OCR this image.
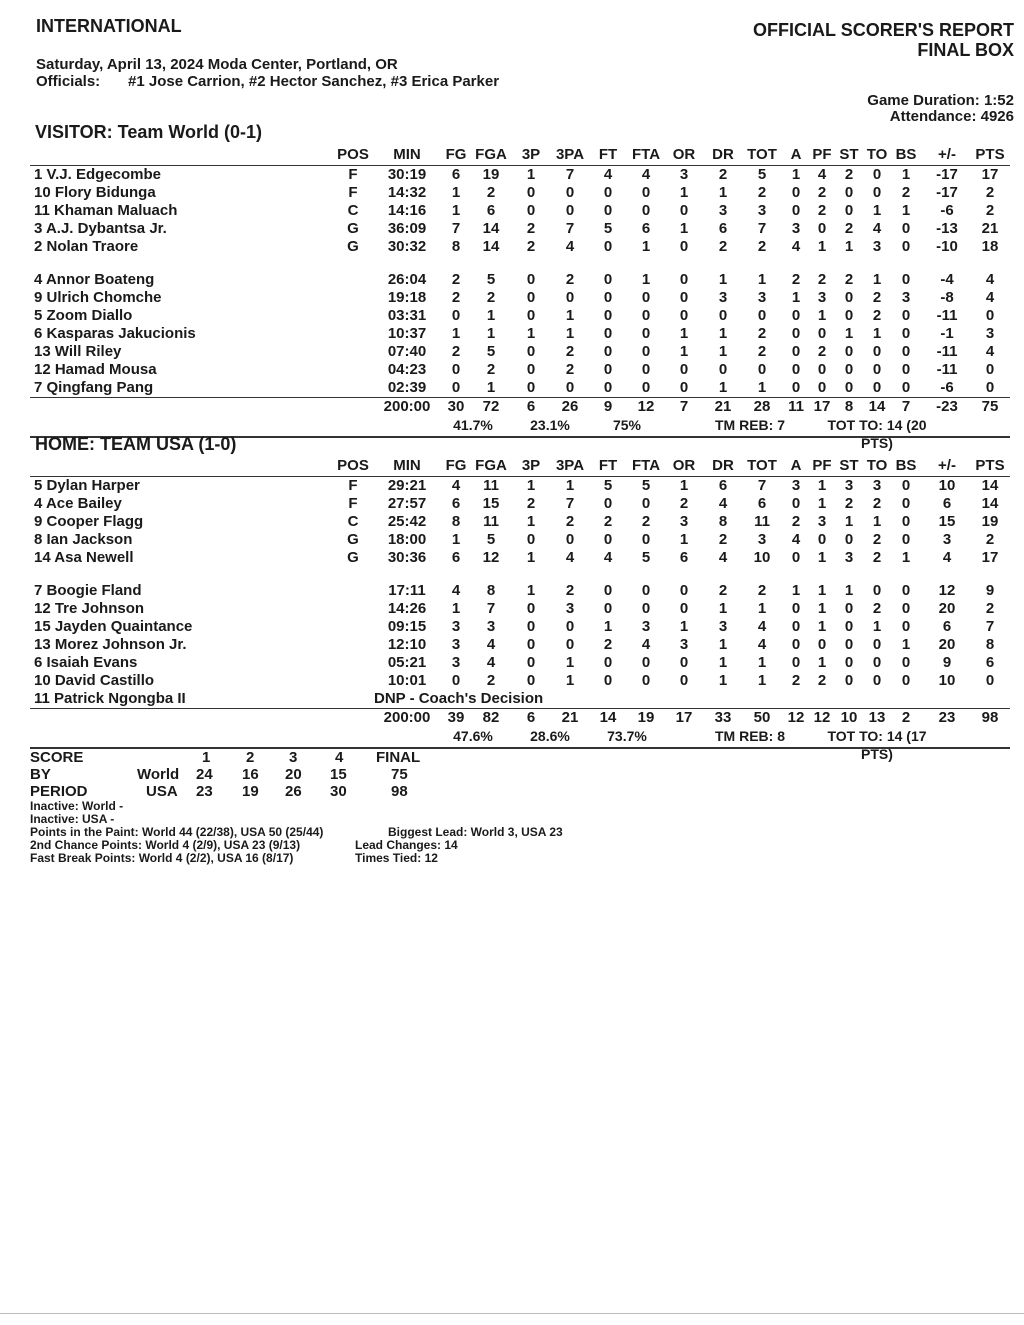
INTERNATIONAL	OFFICIAL SCORER'S REPORT
FINAL BOX
Saturday, April 13, 2024 Moda Center, Portland, OR
Officials: #1 Jose Carrion, #2 Hector Sanchez, #3 Erica Parker
Game Duration: 1:52
Attendance: 4926
VISITOR: Team World (0-1)
POS MIN FG FGA 3P 3PA FT FTA OR DR TOT A PF ST TO BS +/- PTS
1 V.J. Edgecombe	F 30:19 6 19 1 7 4 4 3 2 5 1 4 2 0 1 -17 17
10 Flory Bidunga	F 14:32 1 2 0 0 0 0 1 1 2 0 2 0 0 2 -17 2
11 Khaman Maluach	C 14:16 1 6 0 0 0 0 0 3 3 0 2 0 1 1 -6 2
3 A.J. Dybantsa Jr.	G 36:09 7 14 2 7 5 6 1 6 7 3 0 2 4 0 -13 21
2 Nolan Traore	G 30:32 8 14 2 4 0 1 0 2 2 4 1 1 3 0 -10 18
4 Annor Boateng	26:04 2 5 0 2 0 1 0 1 1 2 2 2 1 0 -4 4
9 Ulrich Chomche	19:18 2 2 0 0 0 0 0 3 3 1 3 0 2 3 -8 4
5 Zoom Diallo	03:31 0 1 0 1 0 0 0 0 0 0 1 0 2 0 -11 0
6 Kasparas Jakucionis	10:37 1 1 1 1 0 0 1 1 2 0 0 1 1 0 -1 3
13 Will Riley	07:40 2 5 0 2 0 0 1 1 2 0 2 0 0 0 -11 4
12 Hamad Mousa	04:23 0 2 0 2 0 0 0 0 0 0 0 0 0 0 -11 0
7 Qingfang Pang	02:39 0 1 0 0 0 0 0 1 1 0 0 0 0 0 -6 0
200:00 30 72 6 26 9 12 7 21 28 11 17 8 14 7 -23 75
41.7%	23.1%	75%	TM REB: 7	TOT TO: 14 (20 PTS)
HOME: TEAM USA (1-0)
POS MIN FG FGA 3P 3PA FT FTA OR DR TOT A PF ST TO BS +/- PTS
5 Dylan Harper	F 29:21 4 11 1 1 5 5 1 6 7 3 1 3 3 0 10 14
4 Ace Bailey	F 27:57 6 15 2 7 0 0 2 4 6 0 1 2 2 0 6 14
9 Cooper Flagg	C 25:42 8 11 1 2 2 2 3 8 11 2 3 1 1 0 15 19
8 Ian Jackson	G 18:00 1 5 0 0 0 0 1 2 3 4 0 0 2 0 3 2
14 Asa Newell	G 30:36 6 12 1 4 4 5 6 4 10 0 1 3 2 1 4 17
7 Boogie Fland	17:11 4 8 1 2 0 0 0 2 2 1 1 1 0 0 12 9
12 Tre Johnson	14:26 1 7 0 3 0 0 0 1 1 0 1 0 2 0 20 2
15 Jayden Quaintance	09:15 3 3 0 0 1 3 1 3 4 0 1 0 1 0 6 7
13 Morez Johnson Jr.	12:10 3 4 0 0 2 4 3 1 4 0 0 0 0 1 20 8
6 Isaiah Evans	05:21 3 4 0 1 0 0 0 1 1 0 1 0 0 0 9 6
10 David Castillo	10:01 0 2 0 1 0 0 0 1 1 2 2 0 0 0 10 0
11 Patrick Ngongba II	DNP - Coach's Decision
200:00 39 82 6 21 14 19 17 33 50 12 12 10 13 2 23 98
47.6%	28.6%	73.7%	TM REB: 8	TOT TO: 14 (17 PTS)
SCORE BY PERIOD
1 2 3	4 FINAL
World 24 16 20 15	75
USA 23 19 26 30	98
Inactive: World -
Inactive: USA -
Points in the Paint: World 44 (22/38), USA 50 (25/44)	Biggest Lead: World 3, USA 23
2nd Chance Points: World 4 (2/9), USA 23 (9/13)	Lead Changes: 14
Fast Break Points: World 4 (2/2), USA 16 (8/17)	Times Tied: 12
